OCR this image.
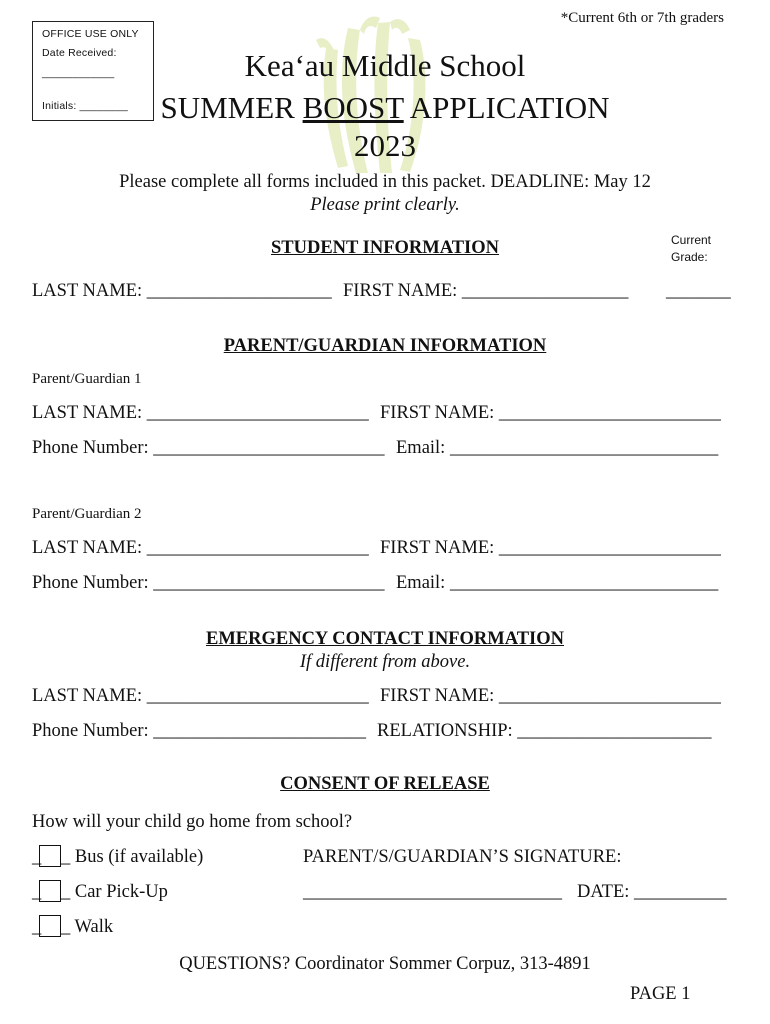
*Current 6th or 7th graders
OFFICE USE ONLY
Date Received:
____________
Initials: ________
Kea‘au Middle School
SUMMER BOOST APPLICATION
2023
Please complete all forms included in this packet. DEADLINE: May 12
Please print clearly.
STUDENT INFORMATION	Current
Grade:
LAST NAME: ____________________ FIRST NAME: __________________ _______
PARENT/GUARDIAN INFORMATION
Parent/Guardian 1
LAST NAME: ________________________ FIRST NAME: ________________________
Phone Number: _________________________ Email: _____________________________
Parent/Guardian 2
LAST NAME: ________________________ FIRST NAME: ________________________
Phone Number: _________________________ Email: _____________________________
EMERGENCY CONTACT INFORMATION
If different from above.
LAST NAME: ________________________ FIRST NAME: ________________________
Phone Number: _______________________ RELATIONSHIP: _____________________
CONSENT OF RELEASE
How will your child go home from school?
_ _ Bus (if available)
_ _ Car Pick-Up
_ _ Walk
PARENT/S/GUARDIAN’S SIGNATURE:
____________________________ DATE: __________
QUESTIONS? Coordinator Sommer Corpuz, 313-4891
PAGE 1
